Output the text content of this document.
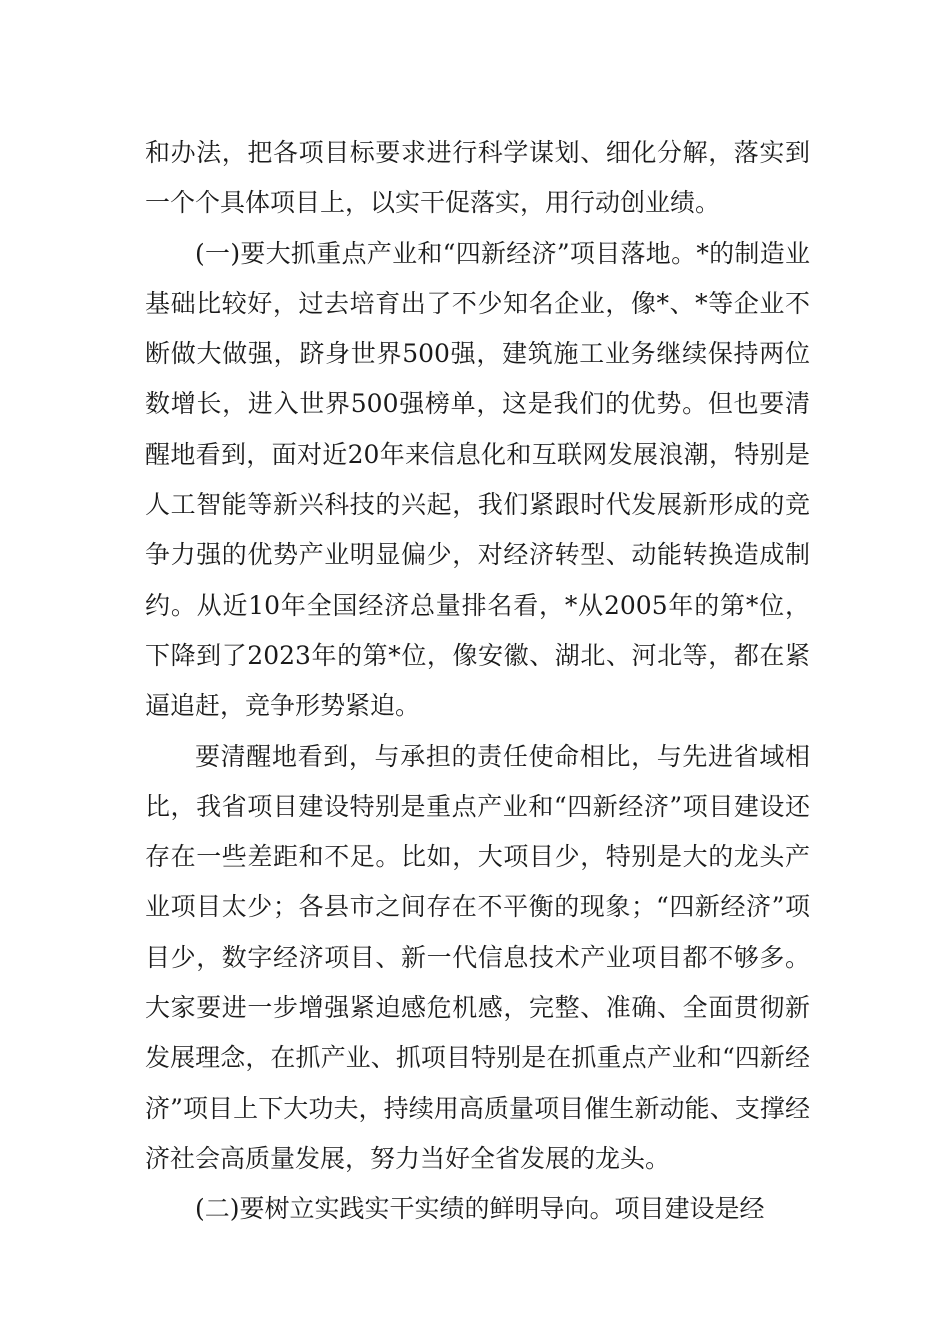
和办法，把各项目标要求进行科学谋划、细化分解，落实到一个个具体项目上，以实干促落实，用行动创业绩。

(一)要大抓重点产业和“四新经济”项目落地。*的制造业基础比较好，过去培育出了不少知名企业，像*、*等企业不断做大做强，跻身世界500强，建筑施工业务继续保持两位数增长，进入世界500强榜单，这是我们的优势。但也要清醒地看到，面对近20年来信息化和互联网发展浪潮，特别是人工智能等新兴科技的兴起，我们紧跟时代发展新形成的竞争力强的优势产业明显偏少，对经济转型、动能转换造成制约。从近10年全国经济总量排名看，*从2005年的第*位，下降到了2023年的第*位，像安徽、湖北、河北等，都在紧逼追赶，竞争形势紧迫。

要清醒地看到，与承担的责任使命相比，与先进省域相比，我省项目建设特别是重点产业和“四新经济”项目建设还存在一些差距和不足。比如，大项目少，特别是大的龙头产业项目太少；各县市之间存在不平衡的现象；“四新经济”项目少，数字经济项目、新一代信息技术产业项目都不够多。大家要进一步增强紧迫感危机感，完整、准确、全面贯彻新发展理念，在抓产业、抓项目特别是在抓重点产业和“四新经济”项目上下大功夫，持续用高质量项目催生新动能、支撑经济社会高质量发展，努力当好全省发展的龙头。

(二)要树立实践实干实绩的鲜明导向。项目建设是经
